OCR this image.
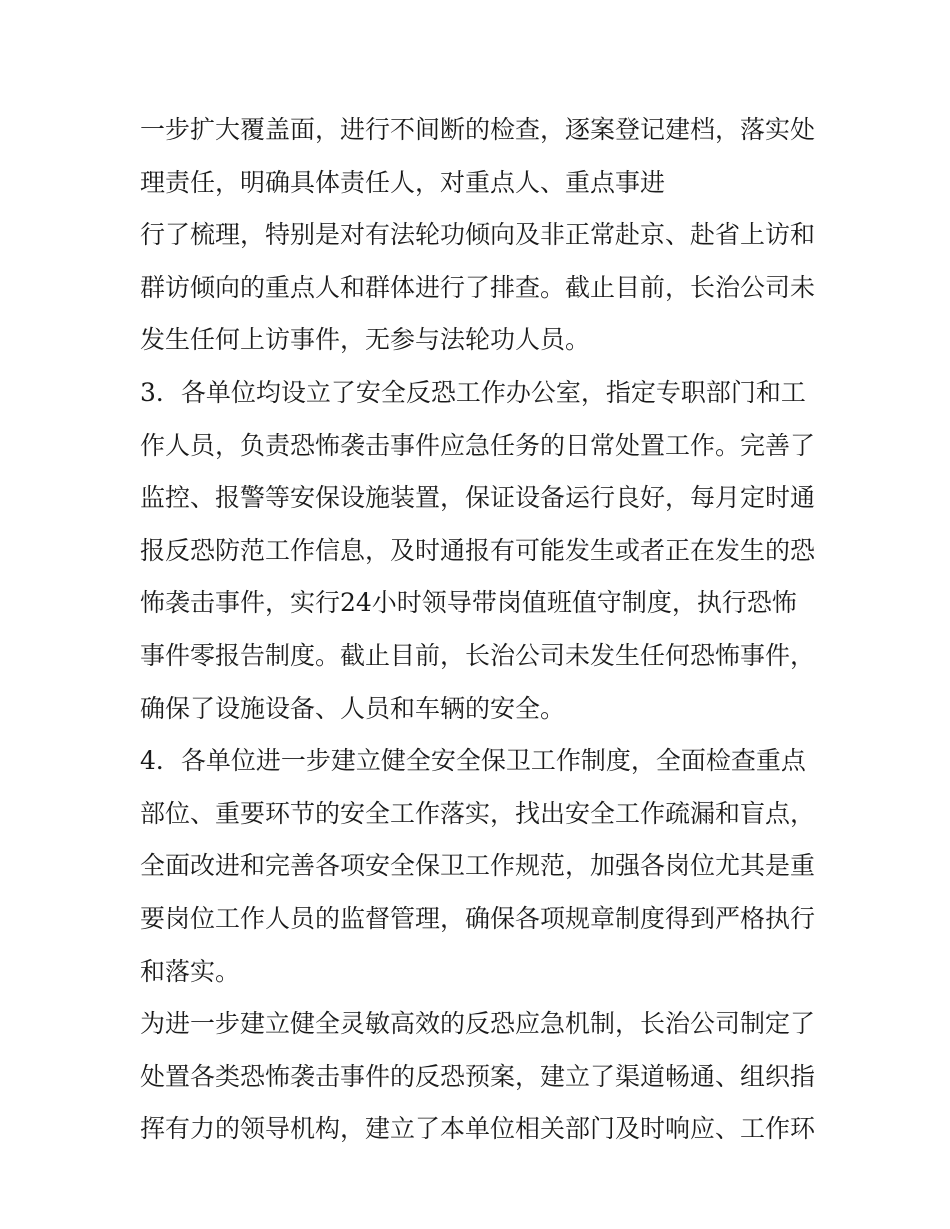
一步扩大覆盖面，进行不间断的检查，逐案登记建档，落实处
理责任，明确具体责任人，对重点人、重点事进
行了梳理，特别是对有法轮功倾向及非正常赴京、赴省上访和
群访倾向的重点人和群体进行了排查。截止目前，长治公司未
发生任何上访事件，无参与法轮功人员。
3．各单位均设立了安全反恐工作办公室，指定专职部门和工
作人员，负责恐怖袭击事件应急任务的日常处置工作。完善了
监控、报警等安保设施装置，保证设备运行良好，每月定时通
报反恐防范工作信息，及时通报有可能发生或者正在发生的恐
怖袭击事件，实行24小时领导带岗值班值守制度，执行恐怖
事件零报告制度。截止目前，长治公司未发生任何恐怖事件，
确保了设施设备、人员和车辆的安全。
4．各单位进一步建立健全安全保卫工作制度，全面检查重点
部位、重要环节的安全工作落实，找出安全工作疏漏和盲点，
全面改进和完善各项安全保卫工作规范，加强各岗位尤其是重
要岗位工作人员的监督管理，确保各项规章制度得到严格执行
和落实。
为进一步建立健全灵敏高效的反恐应急机制，长治公司制定了
处置各类恐怖袭击事件的反恐预案，建立了渠道畅通、组织指
挥有力的领导机构，建立了本单位相关部门及时响应、工作环
